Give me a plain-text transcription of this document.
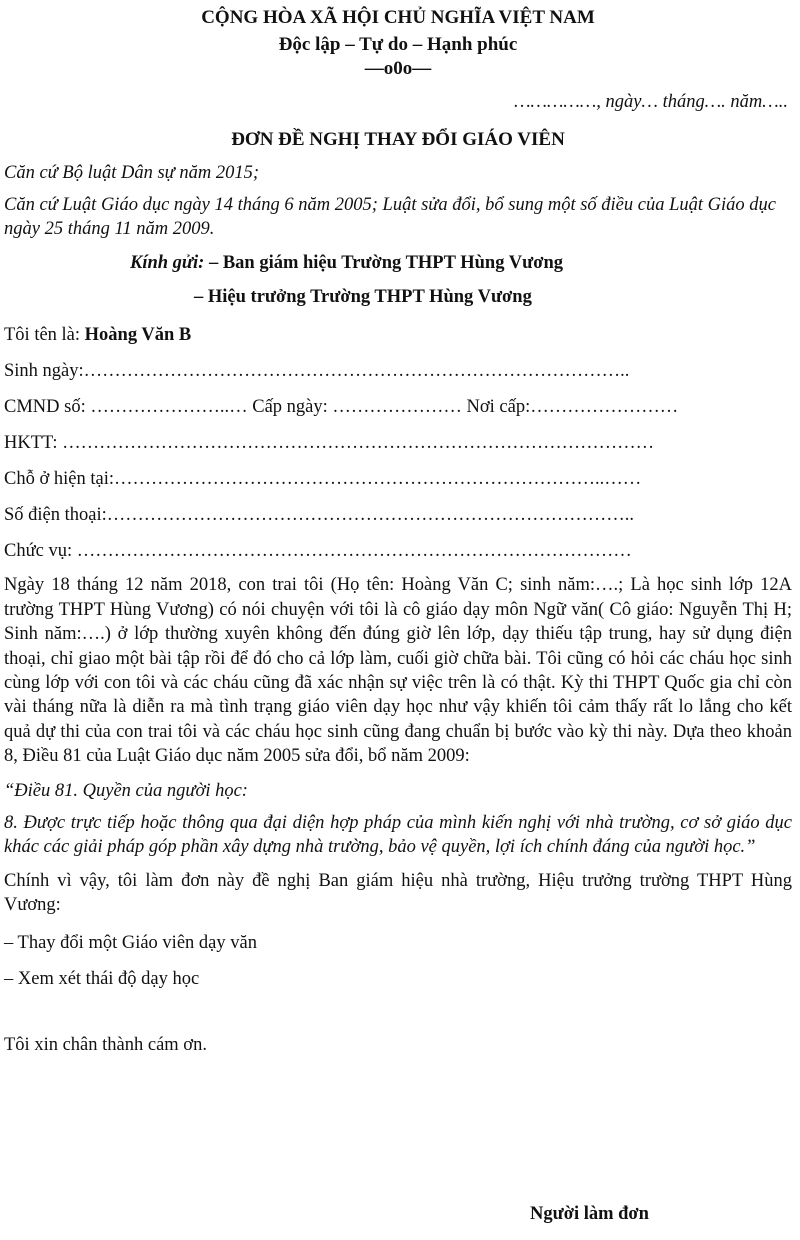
CỘNG HÒA XÃ HỘI CHỦ NGHĨA VIỆT NAM
Độc lập – Tự do – Hạnh phúc
—o0o—
……………, ngày… tháng…. năm…..
ĐƠN ĐỀ NGHỊ THAY ĐỔI GIÁO VIÊN
Căn cứ Bộ luật Dân sự năm 2015;
Căn cứ Luật Giáo dục ngày 14 tháng 6 năm 2005; Luật sửa đổi, bổ sung một số điều của Luật Giáo dục ngày 25 tháng 11 năm 2009.
Kính gửi: – Ban giám hiệu Trường THPT Hùng Vương
– Hiệu trưởng Trường THPT Hùng Vương
Tôi tên là: Hoàng Văn B
Sinh ngày:……………………………………………………………………………..
CMND số: …………………..… Cấp ngày: ………………… Nơi cấp:……………………
HKTT: ……………………………………………………………………………………
Chỗ ở hiện tại:……………………………………………………………………..……
Số điện thoại:…………………………………………………………………………..
Chức vụ: ………………………………………………………………………………
Ngày 18 tháng 12 năm 2018, con trai tôi (Họ tên: Hoàng Văn C; sinh năm:….; Là học sinh lớp 12A trường THPT Hùng Vương) có nói chuyện với tôi là cô giáo dạy môn Ngữ văn( Cô giáo: Nguyễn Thị H; Sinh năm:….) ở lớp thường xuyên không đến đúng giờ lên lớp, dạy thiếu tập trung, hay sử dụng điện thoại, chỉ giao một bài tập rồi để đó cho cả lớp làm, cuối giờ chữa bài. Tôi cũng có hỏi các cháu học sinh cùng lớp với con tôi và các cháu cũng đã xác nhận sự việc trên là có thật. Kỳ thi THPT Quốc gia chỉ còn vài tháng nữa là diễn ra mà tình trạng giáo viên dạy học như vậy khiến tôi cảm thấy rất lo lắng cho kết quả dự thi của con trai tôi và các cháu học sinh cũng đang chuẩn bị bước vào kỳ thi này. Dựa theo khoản 8, Điều 81 của Luật Giáo dục năm 2005 sửa đổi, bổ năm 2009:
“Điều 81. Quyền của người học:
8. Được trực tiếp hoặc thông qua đại diện hợp pháp của mình kiến nghị với nhà trường, cơ sở giáo dục khác các giải pháp góp phần xây dựng nhà trường, bảo vệ quyền, lợi ích chính đáng của người học.”
Chính vì vậy, tôi làm đơn này đề nghị Ban giám hiệu nhà trường, Hiệu trưởng trường THPT Hùng Vương:
– Thay đổi một Giáo viên dạy văn
– Xem xét thái độ dạy học
Tôi xin chân thành cám ơn.
Người làm đơn
